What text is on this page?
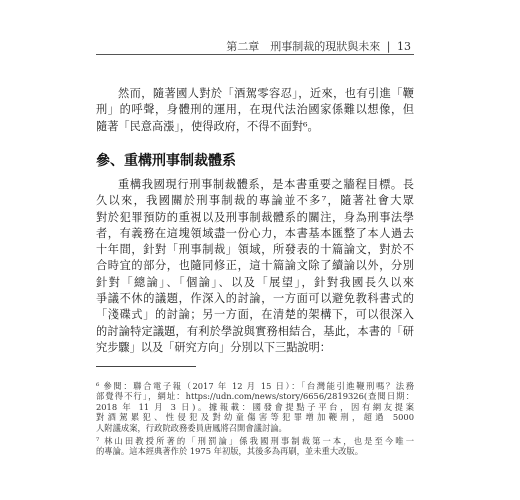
第二章　刑事制裁的現狀與未來 | 13
然而，隨著國人對於「酒駕零容忍」，近來，也有引進「鞭
刑」的呼聲，身體刑的運用，在現代法治國家係難以想像，但
隨著「民意高漲」，使得政府，不得不面對⁶。
參、重構刑事制裁體系
重構我國現行刑事制裁體系，是本書重要之牆程目標。長
久以來，我國關於刑事制裁的專論並不多⁷，隨著社會大眾
對於犯罪預防的重視以及刑事制裁體系的關注，身為刑事法學
者，有義務在這塊領域盡一份心力，本書基本匯整了本人過去
十年間，針對「刑事制裁」領域，所發表的十篇論文，對於不
合時宜的部分，也隨同修正，這十篇論文除了續論以外，分別
針對「總論」、「個論」、以及「展望」，針對我國長久以來
爭議不休的議題，作深入的討論，一方面可以避免教科書式的
「淺碟式」的討論；另一方面，在清楚的架構下，可以很深入
的討論特定議題，有利於學說與實務相結合，基此，本書的「研
究步驟」以及「研究方向」分別以下三點說明：
⁶ 參閱：聯合電子報（2017 年 12 月 15 日）：「台灣能引進鞭刑嗎？法務
部覺得不行」，網址：https://udn.com/news/story/6656/2819326(查閱日期：
2018 年 11 月 3 日)。據報載：國發會提點子平台，因有網友提案
對酒駕累犯、性侵犯及對幼童傷害等犯罪增加鞭刑，超過 5000
人附議成案，行政院政務委員唐鳳將召開會議討論。
⁷ 林山田教授所著的「刑罰論」係我國刑事制裁第一本，也是至今唯一
的專論。這本經典著作於 1975 年初版，其後多為再刷，並未重大改版。
